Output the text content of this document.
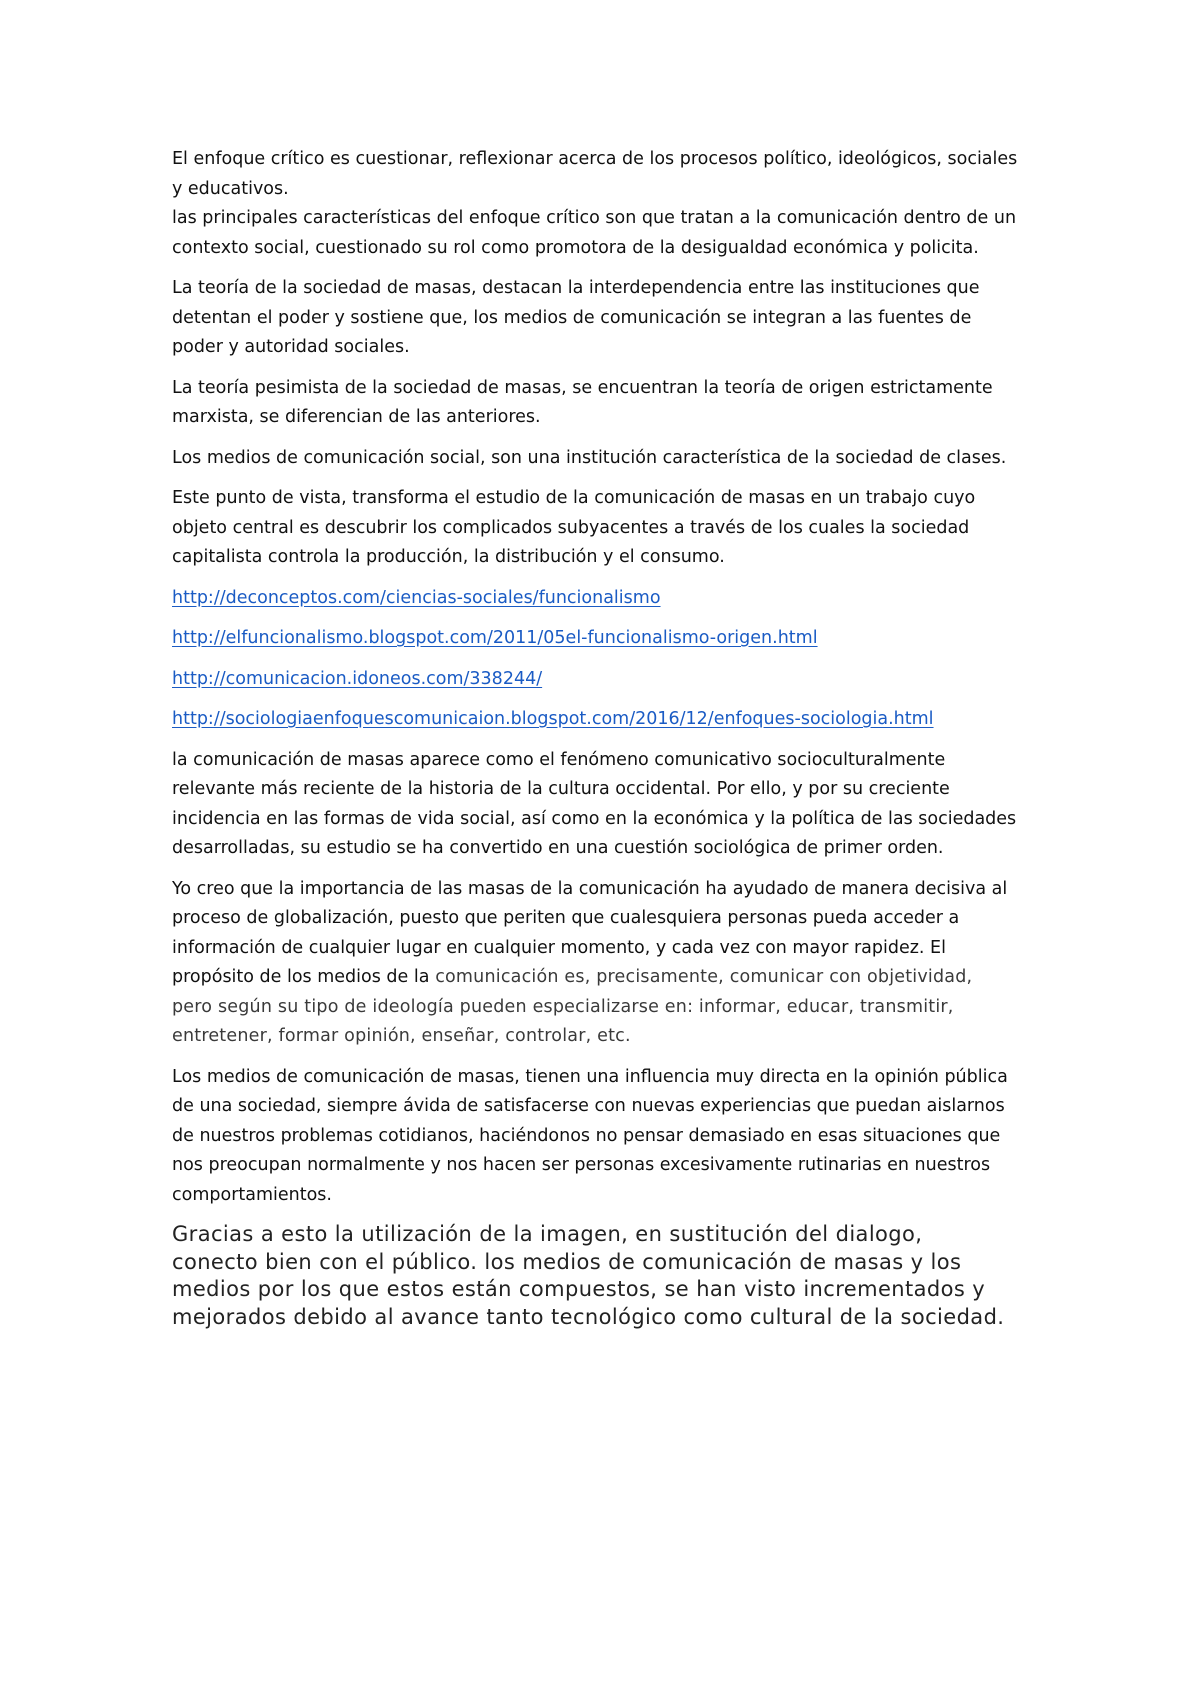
El enfoque crítico es cuestionar, reflexionar acerca de los procesos político, ideológicos, sociales
y educativos.
las principales características del enfoque crítico son que tratan a la comunicación dentro de un
contexto social, cuestionado su rol como promotora de la desigualdad económica y policita.

La teoría de la sociedad de masas, destacan la interdependencia entre las instituciones que
detentan el poder y sostiene que, los medios de comunicación se integran a las fuentes de
poder y autoridad sociales.

La teoría pesimista de la sociedad de masas, se encuentran la teoría de origen estrictamente
marxista, se diferencian de las anteriores.

Los medios de comunicación social, son una institución característica de la sociedad de clases.

Este punto de vista, transforma el estudio de la comunicación de masas en un trabajo cuyo
objeto central es descubrir los complicados subyacentes a través de los cuales la sociedad
capitalista controla la producción, la distribución y el consumo.

http://deconceptos.com/ciencias-sociales/funcionalismo

http://elfuncionalismo.blogspot.com/2011/05el-funcionalismo-origen.html

http://comunicacion.idoneos.com/338244/

http://sociologiaenfoquescomunicaion.blogspot.com/2016/12/enfoques-sociologia.html

la comunicación de masas aparece como el fenómeno comunicativo socioculturalmente
relevante más reciente de la historia de la cultura occidental. Por ello, y por su creciente
incidencia en las formas de vida social, así como en la económica y la política de las sociedades
desarrolladas, su estudio se ha convertido en una cuestión sociológica de primer orden.

Yo creo que la importancia de las masas de la comunicación ha ayudado de manera decisiva al
proceso de globalización, puesto que periten que cualesquiera personas pueda acceder a
información de cualquier lugar en cualquier momento, y cada vez con mayor rapidez. El
propósito de los medios de la comunicación es, precisamente, comunicar con objetividad,
pero según su tipo de ideología pueden especializarse en: informar, educar, transmitir,
entretener, formar opinión, enseñar, controlar, etc.

Los medios de comunicación de masas, tienen una influencia muy directa en la opinión pública
de una sociedad, siempre ávida de satisfacerse con nuevas experiencias que puedan aislarnos
de nuestros problemas cotidianos, haciéndonos no pensar demasiado en esas situaciones que
nos preocupan normalmente y nos hacen ser personas excesivamente rutinarias en nuestros
comportamientos.

Gracias a esto la utilización de la imagen, en sustitución del dialogo,
conecto bien con el público. los medios de comunicación de masas y los
medios por los que estos están compuestos, se han visto incrementados y
mejorados debido al avance tanto tecnológico como cultural de la sociedad.
